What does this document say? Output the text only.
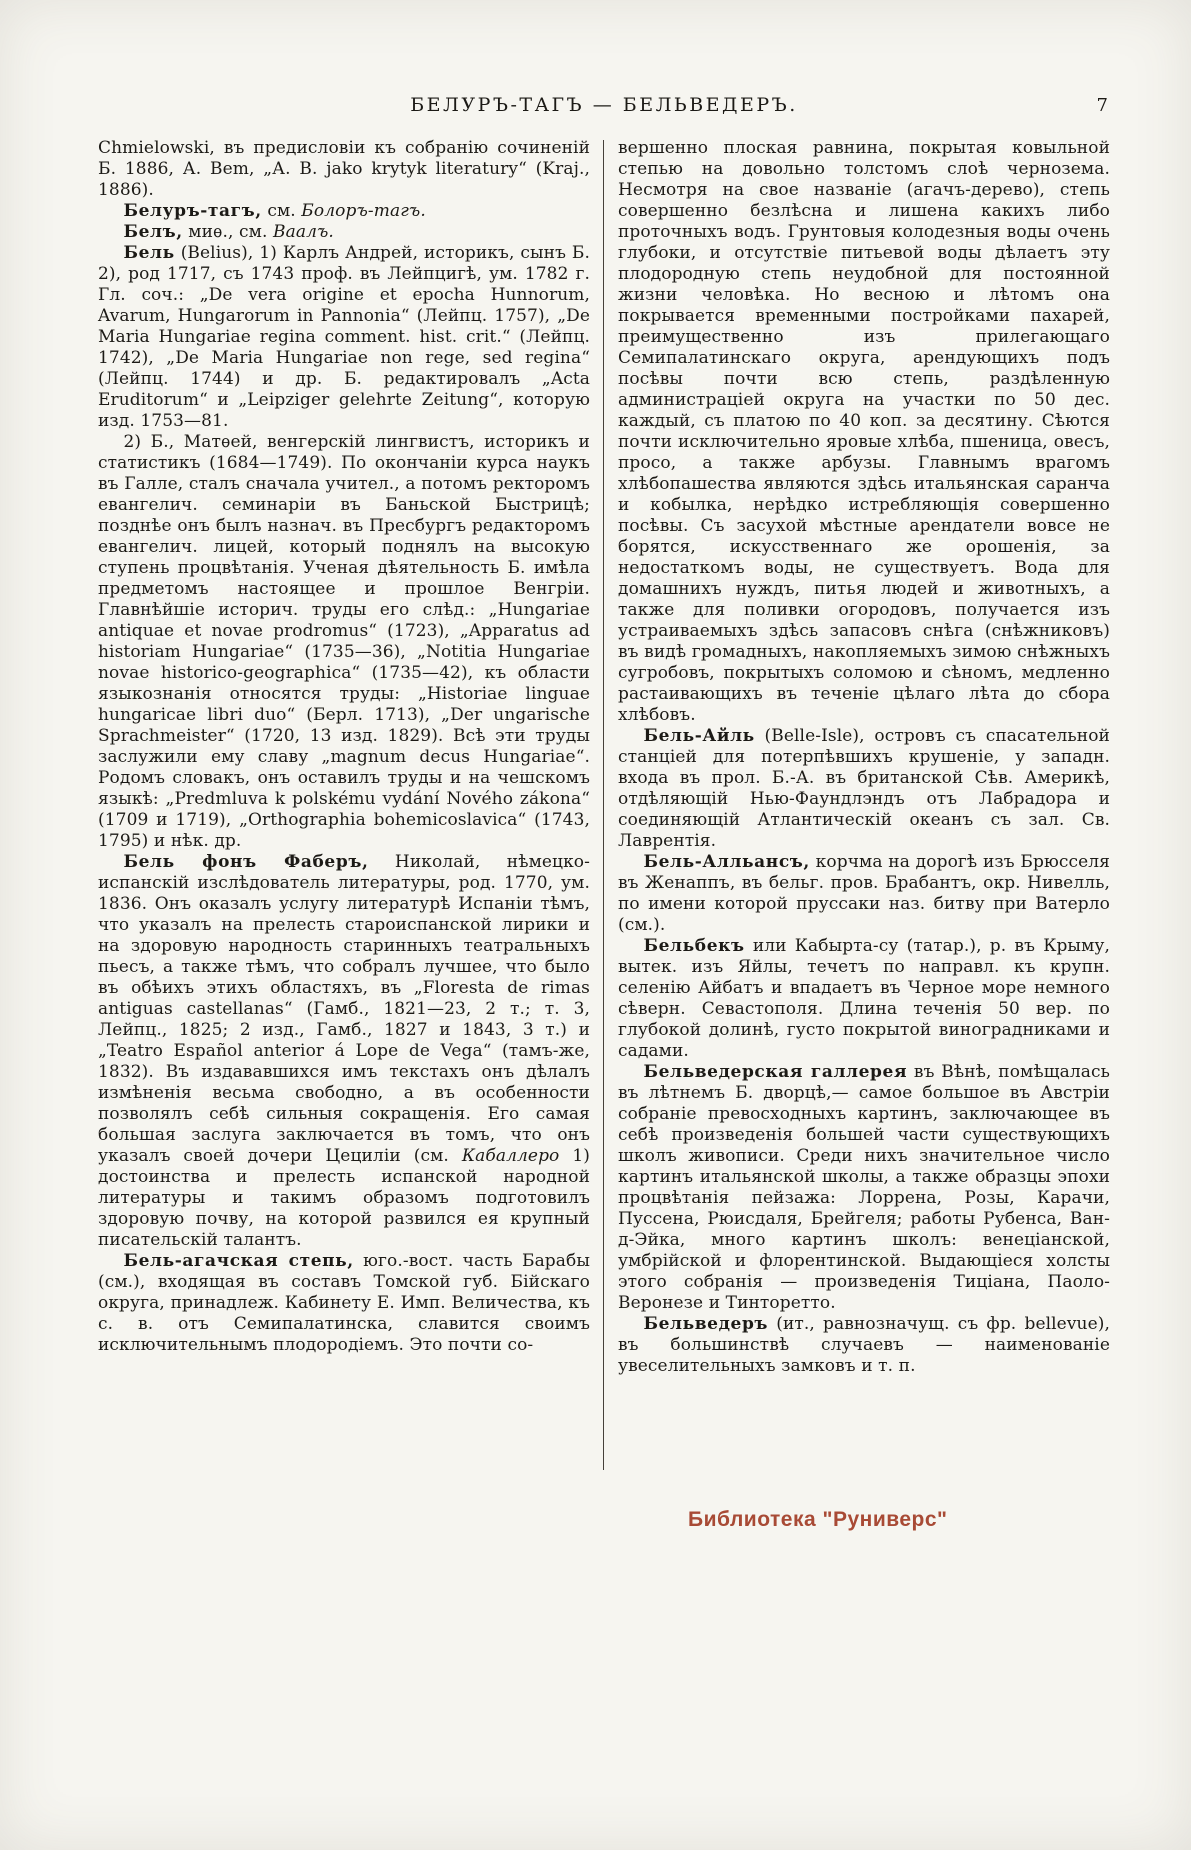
БЕЛУРЪ-ТАГЪ — БЕЛЬВЕДЕРЪ.	7

Chmielowski, въ предисловіи къ собранію сочиненій Б. 1886, А. Bem, „А. B. jako krytyk literatury“ (Kraj., 1886).

Белуръ-тагъ, см. Болоръ-тагъ.

Белъ, миѳ., см. Ваалъ.

Бель (Belius), 1) Карлъ Андрей, историкъ, сынъ Б. 2), род 1717, съ 1743 проф. въ Лейпцигѣ, ум. 1782 г. Гл. соч.: „De vera origine et epocha Hunnorum, Avarum, Hungarorum in Pannonia“ (Лейпц. 1757), „De Maria Hungariae regina comment. hist. crit.“ (Лейпц. 1742), „De Maria Hungariae non rege, sed regina“ (Лейпц. 1744) и др. Б. редактировалъ „Acta Eruditorum“ и „Leipziger gelehrte Zeitung“, которую изд. 1753—81.

2) Б., Матѳей, венгерскій лингвистъ, историкъ и статистикъ (1684—1749). По окончаніи курса наукъ въ Галле, сталъ сначала учител., а потомъ ректоромъ евангелич. семинаріи въ Баньской Быстрицѣ; позднѣе онъ былъ назнач. въ Пресбургъ редакторомъ евангелич. лицей, который поднялъ на высокую ступень процвѣтанія. Ученая дѣятельность Б. имѣла предметомъ настоящее и прошлое Венгріи. Главнѣйшіе историч. труды его слѣд.: „Hungariae antiquae et novae prodromus“ (1723), „Apparatus ad historiam Hungariae“ (1735—36), „Notitia Hungariae novae historico-geographica“ (1735—42), къ области языкознанія относятся труды: „Historiae linguae hungaricae libri duo“ (Берл. 1713), „Der ungarische Sprachmeister“ (1720, 13 изд. 1829). Всѣ эти труды заслужили ему славу „magnum decus Hungariae“. Родомъ словакъ, онъ оставилъ труды и на чешскомъ языкѣ: „Predmluva k polskému vydání Nového zákona“ (1709 и 1719), „Orthographia bohemicoslavica“ (1743, 1795) и нѣк. др.

Бель фонъ Фаберъ, Николай, нѣмецко-испанскій изслѣдователь литературы, род. 1770, ум. 1836. Онъ оказалъ услугу литературѣ Испаніи тѣмъ, что указалъ на прелесть староиспанской лирики и на здоровую народность старинныхъ театральныхъ пьесъ, а также тѣмъ, что собралъ лучшее, что было въ обѣихъ этихъ областяхъ, въ „Floresta de rimas antiguas castellanas“ (Гамб., 1821—23, 2 т.; т. 3, Лейпц., 1825; 2 изд., Гамб., 1827 и 1843, 3 т.) и „Teatro Español anterior á Lope de Vega“ (тамъ-же, 1832). Въ издававшихся имъ текстахъ онъ дѣлалъ измѣненія весьма свободно, а въ особенности позволялъ себѣ сильныя сокращенія. Его самая большая заслуга заключается въ томъ, что онъ указалъ своей дочери Цециліи (см. Кабаллеро 1) достоинства и прелесть испанской народной литературы и такимъ образомъ подготовилъ здоровую почву, на которой развился ея крупный писательскій талантъ.

Бель-агачская степь, юго.-вост. часть Барабы (см.), входящая въ составъ Томской губ. Бійскаго округа, принадлеж. Кабинету Е. Имп. Величества, къ с. в. отъ Семипалатинска, славится своимъ исключительнымъ плодородіемъ. Это почти со-

вершенно плоская равнина, покрытая ковыльной степью на довольно толстомъ слоѣ чернозема. Несмотря на свое названіе (агачъ-дерево), степь совершенно безлѣсна и лишена какихъ либо проточныхъ водъ. Грунтовыя колодезныя воды очень глубоки, и отсутствіе питьевой воды дѣлаетъ эту плодородную степь неудобной для постоянной жизни человѣка. Но весною и лѣтомъ она покрывается временными постройками пахарей, преимущественно изъ прилегающаго Семипалатинскаго округа, арендующихъ подъ посѣвы почти всю степь, раздѣленную администраціей округа на участки по 50 дес. каждый, съ платою по 40 коп. за десятину. Сѣются почти исключительно яровые хлѣба, пшеница, овесъ, просо, а также арбузы. Главнымъ врагомъ хлѣбопашества являются здѣсь итальянская саранча и кобылка, нерѣдко истребляющія совершенно посѣвы. Съ засухой мѣстные арендатели вовсе не борятся, искусственнаго же орошенія, за недостаткомъ воды, не существуетъ. Вода для домашнихъ нуждъ, питья людей и животныхъ, а также для поливки огородовъ, получается изъ устраиваемыхъ здѣсь запасовъ снѣга (снѣжниковъ) въ видѣ громадныхъ, накопляемыхъ зимою снѣжныхъ сугробовъ, покрытыхъ соломою и сѣномъ, медленно растаивающихъ въ теченіе цѣлаго лѣта до сбора хлѣбовъ.

Бель-Айль (Belle-Isle), островъ съ спасательной станціей для потерпѣвшихъ крушеніе, у западн. входа въ прол. Б.-А. въ британской Сѣв. Америкѣ, отдѣляющій Нью-Фаундлэндъ отъ Лабрадора и соединяющій Атлантическій океанъ съ зал. Св. Лаврентія.

Бель-Алльансъ, корчма на дорогѣ изъ Брюсселя въ Женаппъ, въ бельг. пров. Брабантъ, окр. Нивелль, по имени которой пруссаки наз. битву при Ватерло (см.).

Бельбекъ или Кабырта-су (татар.), р. въ Крыму, вытек. изъ Яйлы, течетъ по направл. къ крупн. селенію Айбатъ и впадаетъ въ Черное море немного сѣверн. Севастополя. Длина теченія 50 вер. по глубокой долинѣ, густо покрытой виноградниками и садами.

Бельведерская галлерея въ Вѣнѣ, помѣщалась въ лѣтнемъ Б. дворцѣ,— самое большое въ Австріи собраніе превосходныхъ картинъ, заключающее въ себѣ произведенія большей части существующихъ школъ живописи. Среди нихъ значительное число картинъ итальянской школы, а также образцы эпохи процвѣтанія пейзажа: Лоррена, Розы, Карачи, Пуссена, Рюисдаля, Брейгеля; работы Рубенса, Ван-д-Эйка, много картинъ школъ: венеціанской, умбрійской и флорентинской. Выдающіеся холсты этого собранія — произведенія Тиціана, Паоло-Веронезе и Тинторетто.

Бельведеръ (ит., равнозначущ. съ фр. bellevue), въ большинствѣ случаевъ — наименованіе увеселительныхъ замковъ и т. п.

Библиотека "Руниверс"
